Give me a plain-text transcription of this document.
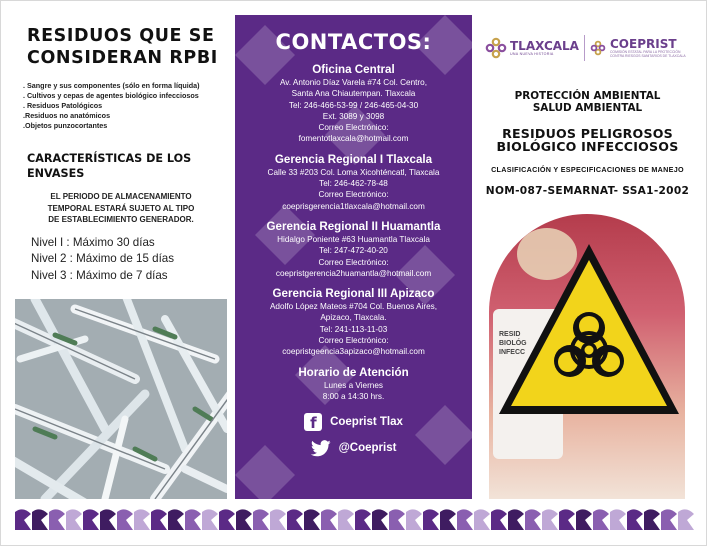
RESIDUOS QUE SE
CONSIDERAN RPBI
. Sangre y sus componentes (sólo en forma líquida)
. Cultivos y cepas de agentes biológico infecciosos
. Residuos Patológicos
.Residuos no anatómicos
.Objetos punzocortantes
CARACTERÍSTICAS DE LOS
ENVASES
EL PERIODO DE ALMACENAMIENTO
TEMPORAL ESTARÁ SUJETO AL TIPO
DE ESTABLECIMIENTO GENERADOR.
Nivel I : Máximo 30 días
Nivel 2 : Máximo de 15 días
Nivel 3 : Máximo de 7 días
CONTACTOS:
Oficina Central

Av. Antonio Díaz Varela #74 Col. Centro,

Santa Ana Chiautempan. Tlaxcala

Tel: 246-466-53-99 / 246-465-04-30

Ext. 3089 y 3098

Correo Electrónico:

fomentotlaxcala@hotmail.com

Gerencia Regional I Tlaxcala

Calle 33 #203 Col. Loma Xicohténcatl, Tlaxcala

Tel: 246-462-78-48

Correo Electrónico:

coeprisgerencia1tlaxcala@hotmail.com

Gerencia Regional II Huamantla

Hidalgo Poniente #63 Huamantla Tlaxcala

Tel: 247-472-40-20

Correo Electrónico:

coepristgerencia2huamantla@hotmail.com

Gerencia Regional III Apizaco

Adolfo López Mateos #704 Col. Buenos Aires,

Apizaco, Tlaxcala.

Tel: 241-113-11-03

Correo Electrónico:

coepristgeencia3apizaco@hotmail.com

Horario de Atención

Lunes a Viernes

8:00 a 14:30 hrs.

f
Coeprist Tlax
@Coeprist
TLAXCALA
UNA NUEVA HISTORIA
COEPRIST
COMISIÓN ESTATAL PARA LA PROTECCIÓN
CONTRA RIESGOS SANITARIOS DE TLAXCALA
PROTECCIÓN AMBIENTAL
SALUD AMBIENTAL
RESIDUOS PELIGROSOS
BIOLÓGICO INFECCIOSOS
CLASIFICACIÓN Y ESPECIFICACIONES DE MANEJO
NOM-087-SEMARNAT- SSA1-2002
RESID
BIOLÓG
INFECC
